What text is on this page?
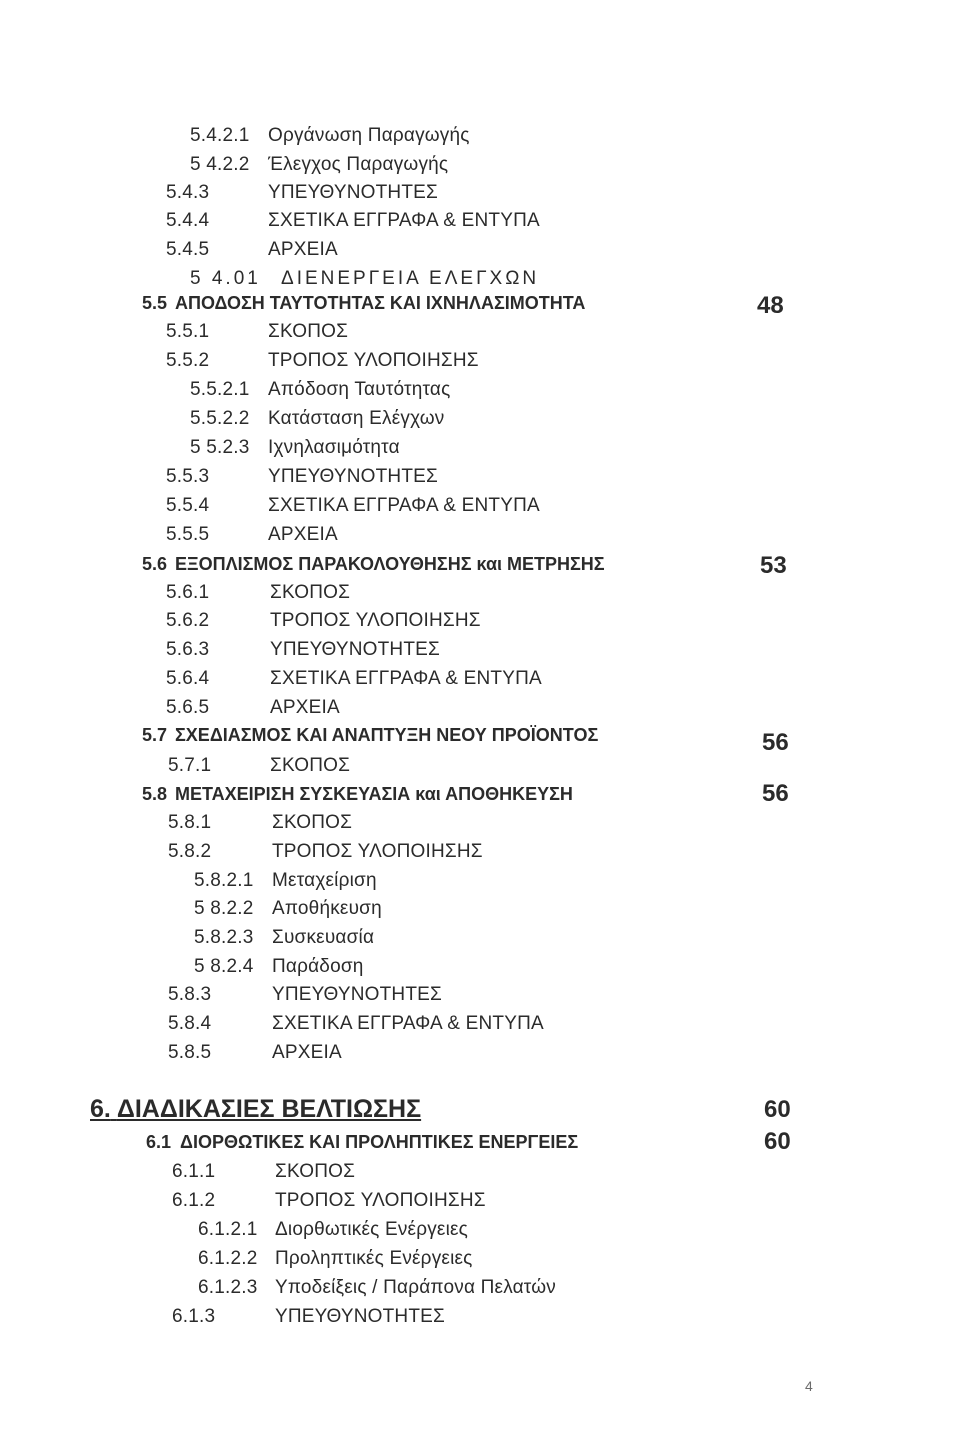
5.4.2.1 Οργάνωση Παραγωγής
5 4.2.2 Έλεγχος Παραγωγής
5.4.3	ΥΠΕΥΘΥΝΟΤΗΤΕΣ
5.4.4	ΣΧΕΤΙΚΑ ΕΓΓΡΑΦΑ & ΕΝΤΥΠΑ
5.4.5	ΑΡΧΕΙΑ
5 4.01 ΔΙΕΝΕΡΓΕΙΑ ΕΛΕΓΧΩΝ
5.5 ΑΠΟΔΟΣΗ ΤΑΥΤΟΤΗΤΑΣ ΚΑΙ ΙΧΝΗΛΑΣΙΜΟΤΗΤΑ	48
5.5.1	ΣΚΟΠΟΣ
5.5.2	ΤΡΟΠΟΣ ΥΛΟΠΟΙΗΣΗΣ
5.5.2.1 Απόδοση Ταυτότητας
5.5.2.2 Κατάσταση Ελέγχων
5 5.2.3 Ιχνηλασιμότητα
5.5.3	ΥΠΕΥΘΥΝΟΤΗΤΕΣ
5.5.4	ΣΧΕΤΙΚΑ ΕΓΓΡΑΦΑ & ΕΝΤΥΠΑ
5.5.5	ΑΡΧΕΙΑ
5.6 ΕΞΟΠΛΙΣΜΟΣ ΠΑΡΑΚΟΛΟΥΘΗΣΗΣ και ΜΕΤΡΗΣΗΣ	53
5.6.1	ΣΚΟΠΟΣ
5.6.2	ΤΡΟΠΟΣ ΥΛΟΠΟΙΗΣΗΣ
5.6.3	ΥΠΕΥΘΥΝΟΤΗΤΕΣ
5.6.4	ΣΧΕΤΙΚΑ ΕΓΓΡΑΦΑ & ΕΝΤΥΠΑ
5.6.5	ΑΡΧΕΙΑ
5.7 ΣΧΕΔΙΑΣΜΟΣ ΚΑΙ ΑΝΑΠΤΥΞΗ ΝΕΟΥ ΠΡΟΪΟΝΤΟΣ	56
5.7.1	ΣΚΟΠΟΣ
5.8 ΜΕΤΑΧΕΙΡΙΣΗ ΣΥΣΚΕΥΑΣΙΑ και ΑΠΟΘΗΚΕΥΣΗ	56
5.8.1	ΣΚΟΠΟΣ
5.8.2	ΤΡΟΠΟΣ ΥΛΟΠΟΙΗΣΗΣ
5.8.2.1 Μεταχείριση
5 8.2.2 Αποθήκευση
5.8.2.3 Συσκευασία
5 8.2.4 Παράδοση
5.8.3	ΥΠΕΥΘΥΝΟΤΗΤΕΣ
5.8.4	ΣΧΕΤΙΚΑ ΕΓΓΡΑΦΑ & ΕΝΤΥΠΑ
5.8.5	ΑΡΧΕΙΑ
6. ΔΙΑΔΙΚΑΣΙΕΣ ΒΕΛΤΙΩΣΗΣ	60
6.1 ΔΙΟΡΘΩΤΙΚΕΣ ΚΑΙ ΠΡΟΛΗΠΤΙΚΕΣ ΕΝΕΡΓΕΙΕΣ	60
6.1.1	ΣΚΟΠΟΣ
6.1.2	ΤΡΟΠΟΣ ΥΛΟΠΟΙΗΣΗΣ
6.1.2.1 Διορθωτικές Ενέργειες
6.1.2.2 Προληπτικές Ενέργειες
6.1.2.3 Υποδείξεις / Παράπονα Πελατών
6.1.3	ΥΠΕΥΘΥΝΟΤΗΤΕΣ
4
